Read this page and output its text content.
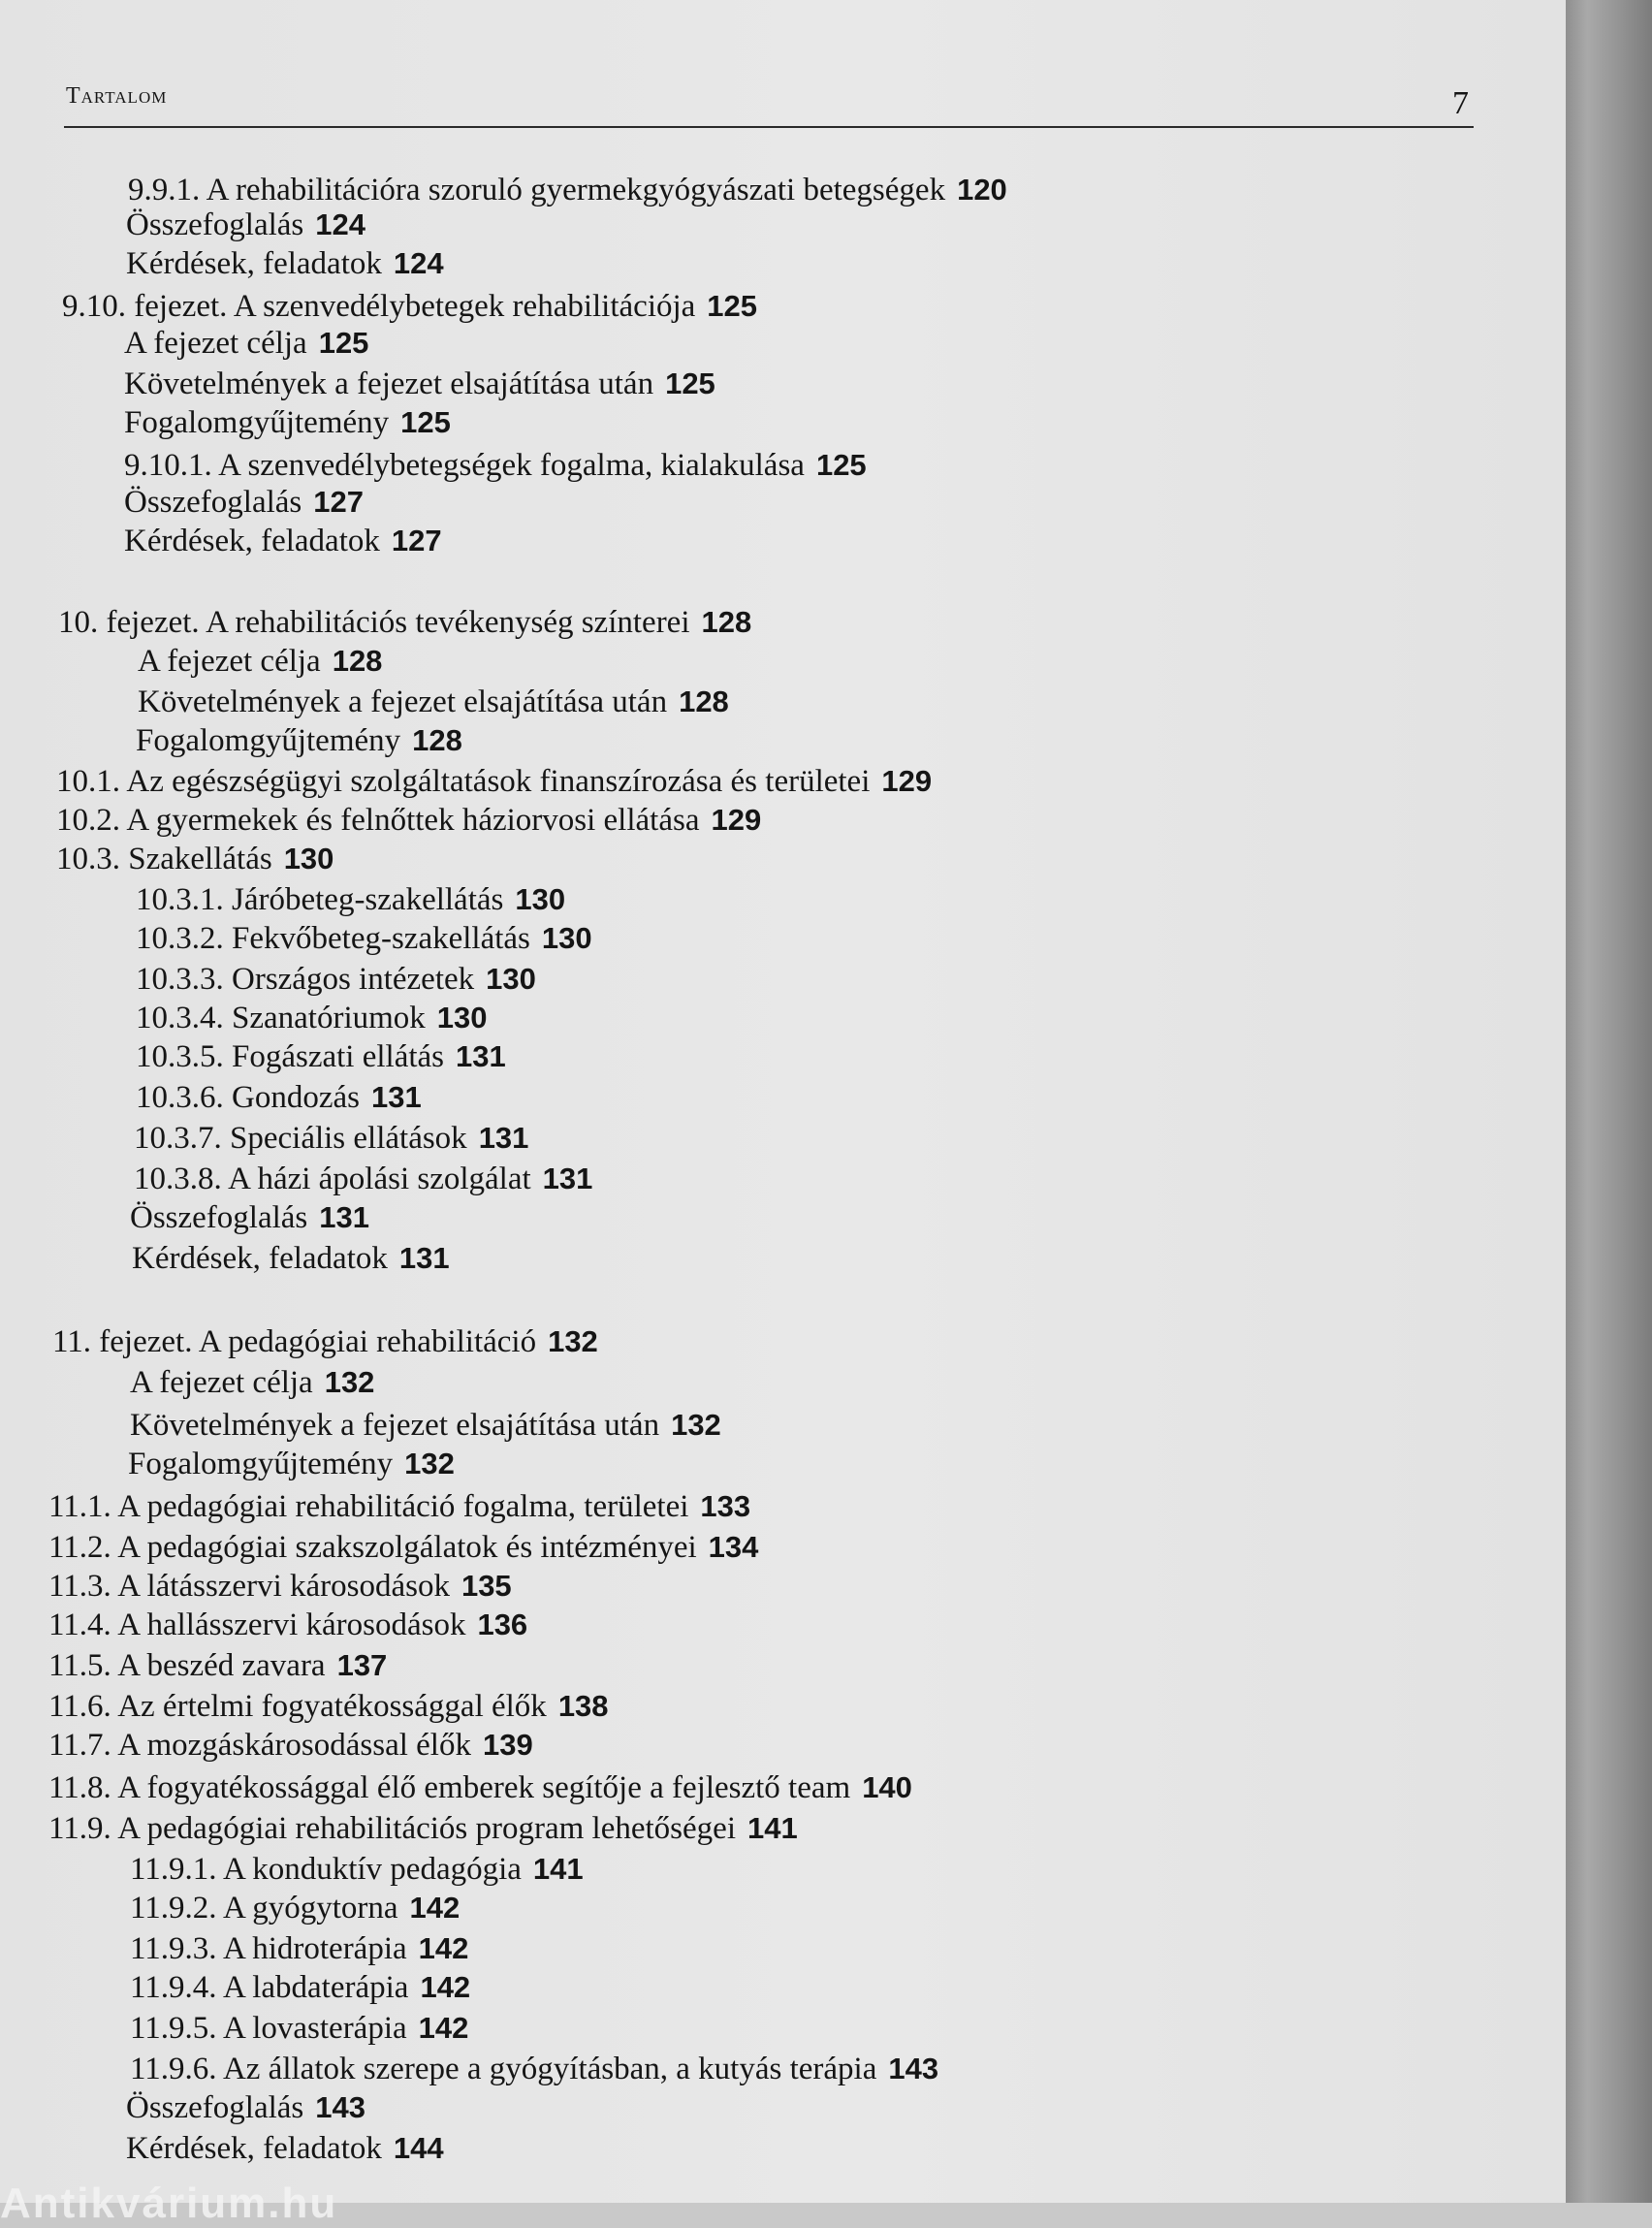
Tartalom	7
9.9.1. A rehabilitációra szoruló gyermekgyógyászati betegségek 120
Összefoglalás 124
Kérdések, feladatok 124
9.10. fejezet. A szenvedélybetegek rehabilitációja 125
A fejezet célja 125
Követelmények a fejezet elsajátítása után 125
Fogalomgyűjtemény 125
9.10.1. A szenvedélybetegségek fogalma, kialakulása 125
Összefoglalás 127
Kérdések, feladatok 127
10. fejezet. A rehabilitációs tevékenység színterei 128
A fejezet célja 128
Követelmények a fejezet elsajátítása után 128
Fogalomgyűjtemény 128
10.1. Az egészségügyi szolgáltatások finanszírozása és területei 129
10.2. A gyermekek és felnőttek háziorvosi ellátása 129
10.3. Szakellátás 130
10.3.1. Járóbeteg-szakellátás 130
10.3.2. Fekvőbeteg-szakellátás 130
10.3.3. Országos intézetek 130
10.3.4. Szanatóriumok 130
10.3.5. Fogászati ellátás 131
10.3.6. Gondozás 131
10.3.7. Speciális ellátások 131
10.3.8. A házi ápolási szolgálat 131
Összefoglalás 131
Kérdések, feladatok 131
11. fejezet. A pedagógiai rehabilitáció 132
A fejezet célja 132
Követelmények a fejezet elsajátítása után 132
Fogalomgyűjtemény 132
11.1. A pedagógiai rehabilitáció fogalma, területei 133
11.2. A pedagógiai szakszolgálatok és intézményei 134
11.3. A látásszervi károsodások 135
11.4. A hallásszervi károsodások 136
11.5. A beszéd zavara 137
11.6. Az értelmi fogyatékossággal élők 138
11.7. A mozgáskárosodással élők 139
11.8. A fogyatékossággal élő emberek segítője a fejlesztő team 140
11.9. A pedagógiai rehabilitációs program lehetőségei 141
11.9.1. A konduktív pedagógia 141
11.9.2. A gyógytorna 142
11.9.3. A hidroterápia 142
11.9.4. A labdaterápia 142
11.9.5. A lovasterápia 142
11.9.6. Az állatok szerepe a gyógyításban, a kutyás terápia 143
Összefoglalás 143
Kérdések, feladatok 144
Antikvárium.hu
